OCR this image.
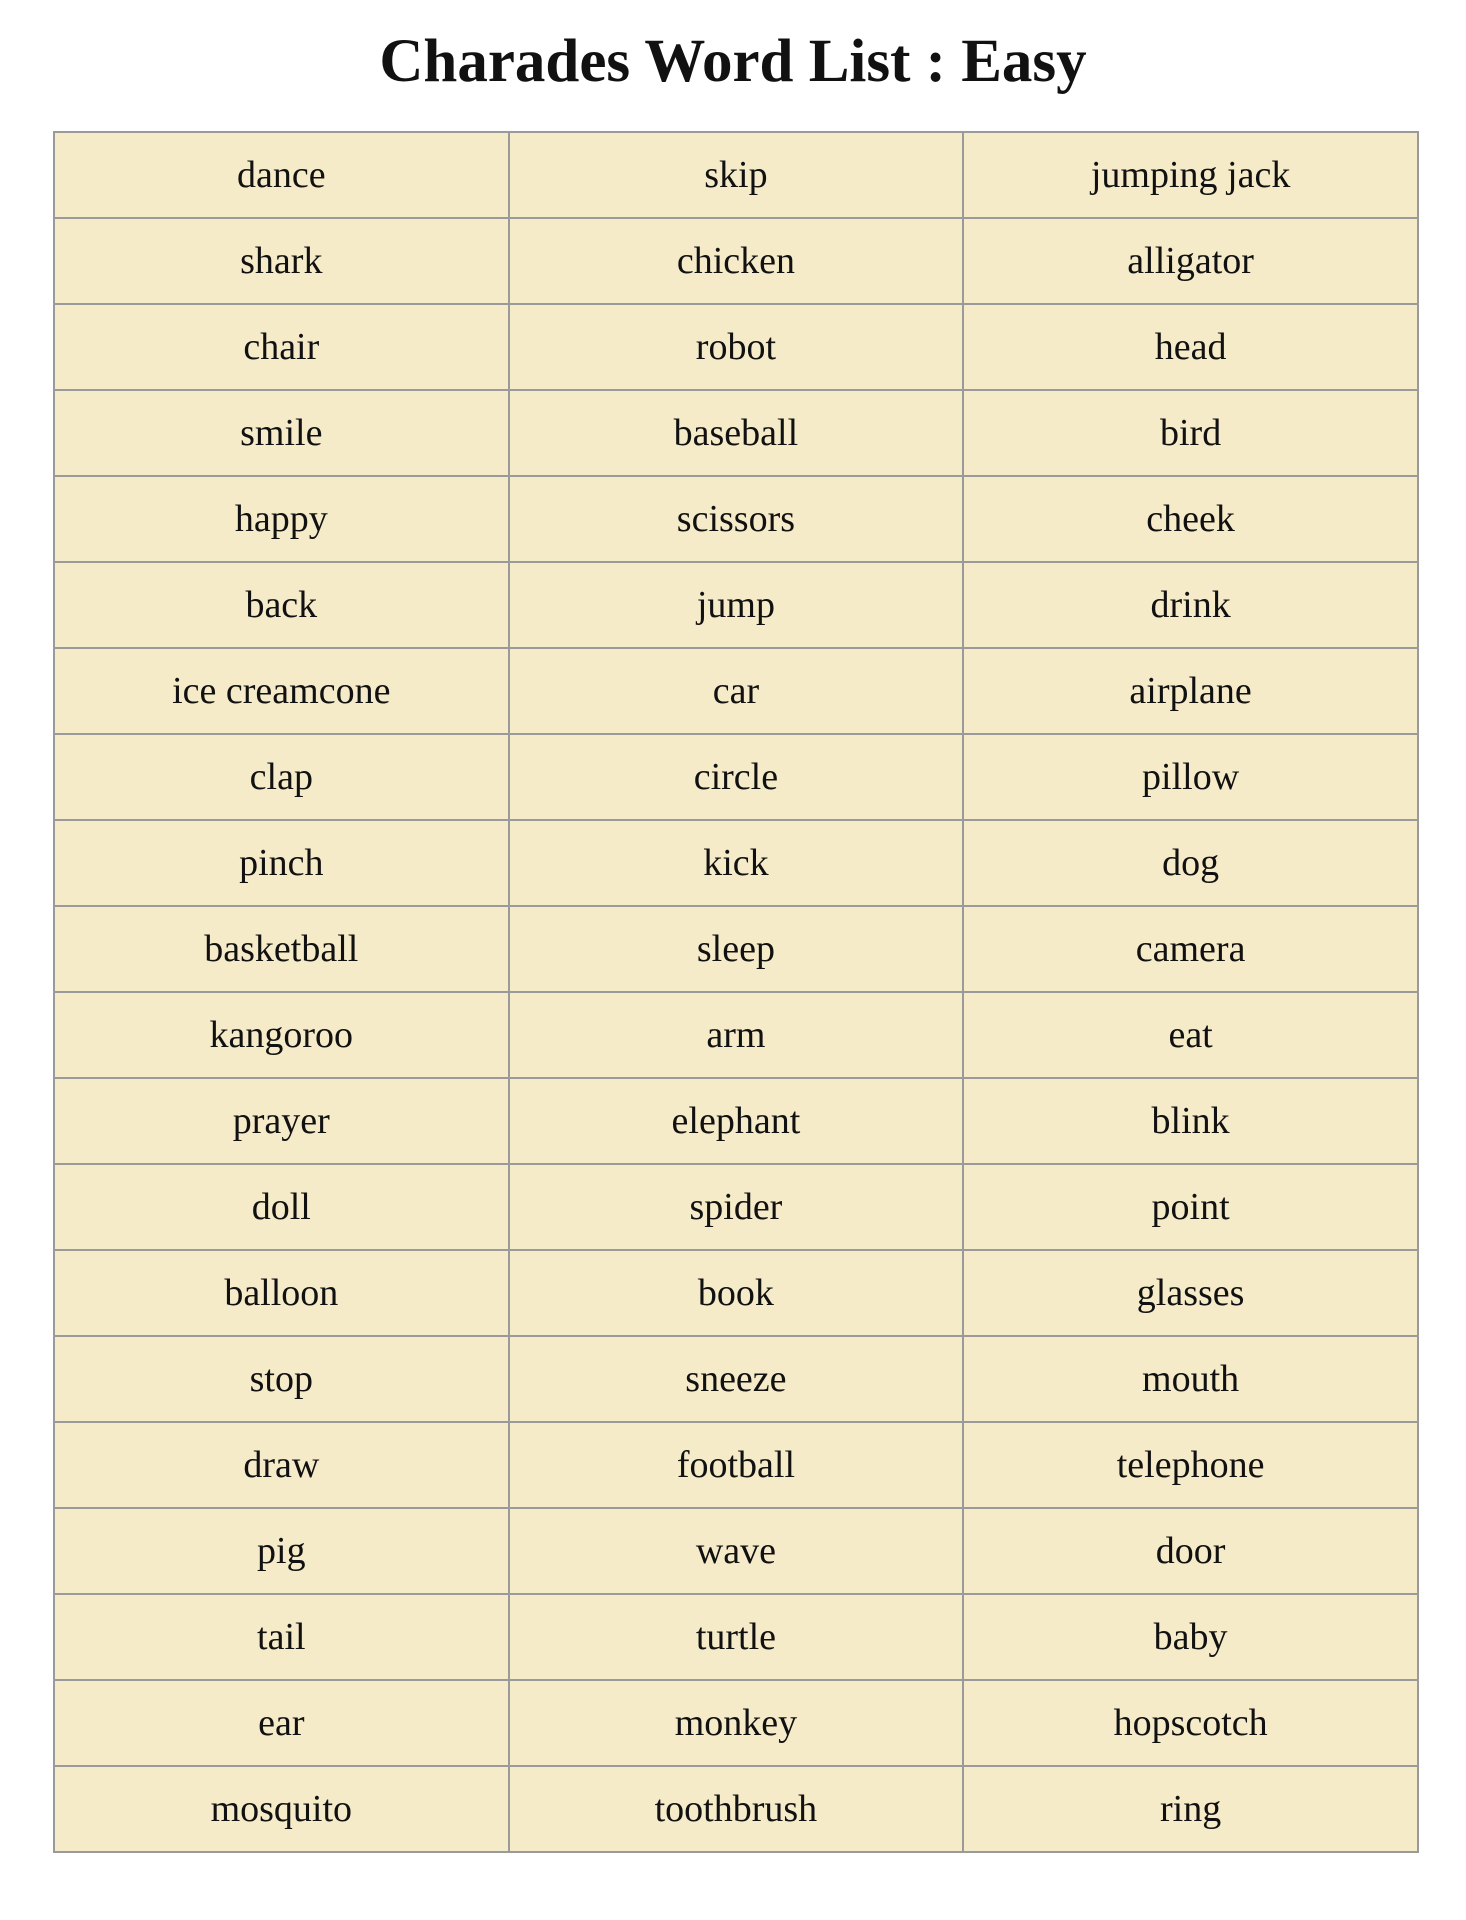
Charades Word List : Easy
dance	skip	jumping jack
shark	chicken	alligator
chair	robot	head
smile	baseball	bird
happy	scissors	cheek
back	jump	drink
ice creamcone	car	airplane
clap	circle	pillow
pinch	kick	dog
basketball	sleep	camera
kangoroo	arm	eat
prayer	elephant	blink
doll	spider	point
balloon	book	glasses
stop	sneeze	mouth
draw	football	telephone
pig	wave	door
tail	turtle	baby
ear	monkey	hopscotch
mosquito	toothbrush	ring
